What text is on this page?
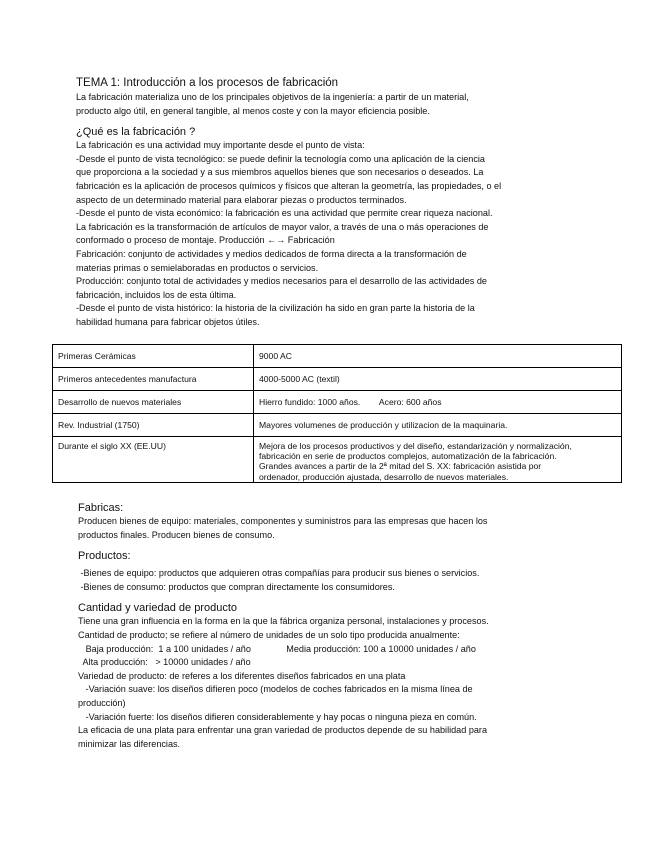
TEMA 1: Introducción a los procesos de fabricación

La fabricación materializa uno de los principales objetivos de la ingeniería: a partir de un material,

producto algo útil, en general tangible, al menos coste y con la mayor eficiencia posible.

¿Qué es la fabricación ?

La fabricación es una actividad muy importante desde el punto de vista:

-Desde el punto de vista tecnológico: se puede definir la tecnología como una aplicación de la ciencia

que proporciona a la sociedad y a sus miembros aquellos bienes que son necesarios o deseados. La

fabricación es la aplicación de procesos químicos y físicos que alteran la geometría, las propiedades, o el

aspecto de un determinado material para elaborar piezas o productos terminados.

-Desde el punto de vista económico: la fabricación es una actividad que permite crear riqueza nacional.

La fabricación es la transformación de artículos de mayor valor, a través de una o más operaciones de

conformado o proceso de montaje. Producción ←→ Fabricación

Fabricación: conjunto de actividades y medios dedicados de forma directa a la transformación de

materias primas o semielaboradas en productos o servicios.

Producción: conjunto total de actividades y medios necesarios para el desarrollo de las actividades de

fabricación, incluidos los de esta última.

-Desde el punto de vista histórico: la historia de la civilización ha sido en gran parte la historia de la

habilidad humana para fabricar objetos útiles.

Primeras Cerámicas	9000 AC
Primeros antecedentes manufactura	4000-5000 AC (textil)
Desarrollo de nuevos materiales	Hierro fundido: 1000 años.        Acero: 600 años
Rev. Industrial (1750)	Mayores volumenes de producción y utilizacion de la maquinaria.
Durante el siglo XX (EE.UU)	Mejora de los procesos productivos y del diseño, estandarización y normalización,
fabricación en serie de productos complejos, automatización de la fabricación.
Grandes avances a partir de la 2ª mitad del S. XX: fabricación asistida por
ordenador, producción ajustada, desarrollo de nuevos materiales.

Fabricas:

Producen bienes de equipo: materiales, componentes y suministros para las empresas que hacen los

productos finales. Producen bienes de consumo.

Productos:

-Bienes de equipo: productos que adquieren otras compañías para producir sus bienes o servicios.

-Bienes de consumo: productos que compran directamente los consumidores.

Cantidad y variedad de producto

Tiene una gran influencia en la forma en la que la fábrica organiza personal, instalaciones y procesos.

Cantidad de producto; se refiere al número de unidades de un solo tipo producida anualmente:

Baja producción:  1 a 100 unidades / año              Media producción: 100 a 10000 unidades / año

Alta producción:   > 10000 unidades / año

Variedad de producto: de referes a los diferentes diseños fabricados en una plata

-Variación suave: los diseños difieren poco (modelos de coches fabricados en la misma línea de

producción)

-Variación fuerte: los diseños difieren considerablemente y hay pocas o ninguna pieza en común.

La eficacia de una plata para enfrentar una gran variedad de productos depende de su habilidad para

minimizar las diferencias.
